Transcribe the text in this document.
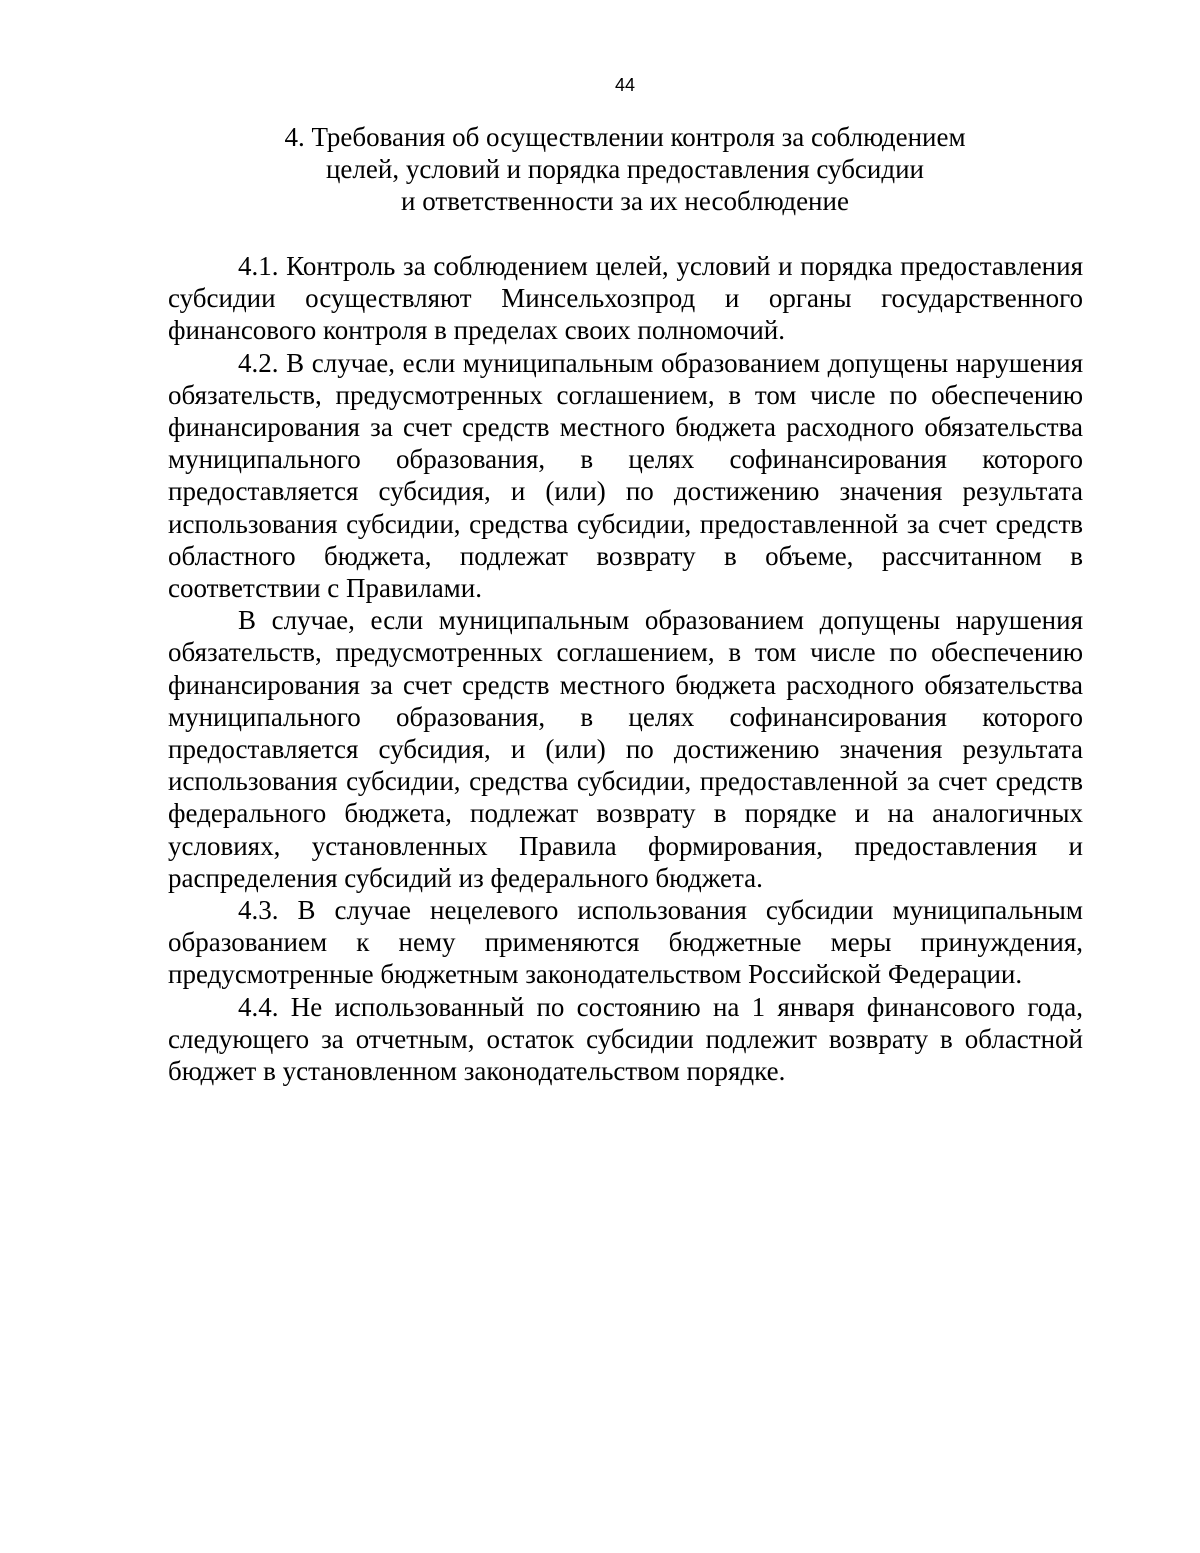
44
4. Требования об осуществлении контроля за соблюдением
целей, условий и порядка предоставления субсидии
и ответственности за их несоблюдение

4.1. Контроль за соблюдением целей, условий и порядка предоставления субсидии осуществляют Минсельхозпрод и органы государственного финансового контроля в пределах своих полномочий.

4.2. В случае, если муниципальным образованием допущены нарушения обязательств, предусмотренных соглашением, в том числе по обеспечению финансирования за счет средств местного бюджета расходного обязательства муниципального образования, в целях софинансирования которого предоставляется субсидия, и (или) по достижению значения результата использования субсидии, средства субсидии, предоставленной за счет средств областного бюджета, подлежат возврату в объеме, рассчитанном в соответствии с Правилами.

В случае, если муниципальным образованием допущены нарушения обязательств, предусмотренных соглашением, в том числе по обеспечению финансирования за счет средств местного бюджета расходного обязательства муниципального образования, в целях софинансирования которого предоставляется субсидия, и (или) по достижению значения результата использования субсидии, средства субсидии, предоставленной за счет средств федерального бюджета, подлежат возврату в порядке и на аналогичных условиях, установленных Правила формирования, предоставления и распределения субсидий из федерального бюджета.

4.3. В случае нецелевого использования субсидии муниципальным образованием к нему применяются бюджетные меры принуждения, предусмотренные бюджетным законодательством Российской Федерации.

4.4. Не использованный по состоянию на 1 января финансового года, следующего за отчетным, остаток субсидии подлежит возврату в областной бюджет в установленном законодательством порядке.
